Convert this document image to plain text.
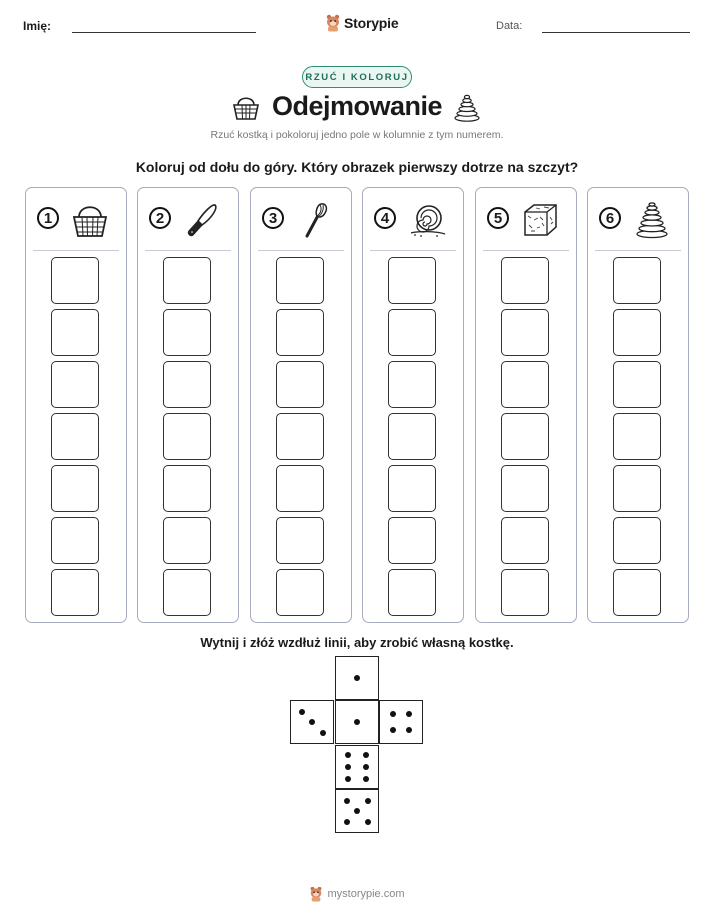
Imię:	Storypie	Data:
RZUĆ I KOLORUJ
Odejmowanie
Rzuć kostką i pokoloruj jedno pole w kolumnie z tym numerem.
Koloruj od dołu do góry. Który obrazek pierwszy dotrze na szczyt?
1	2	3	4	5	6
Wytnij i złóż wzdłuż linii, aby zrobić własną kostkę.
mystorypie.com
